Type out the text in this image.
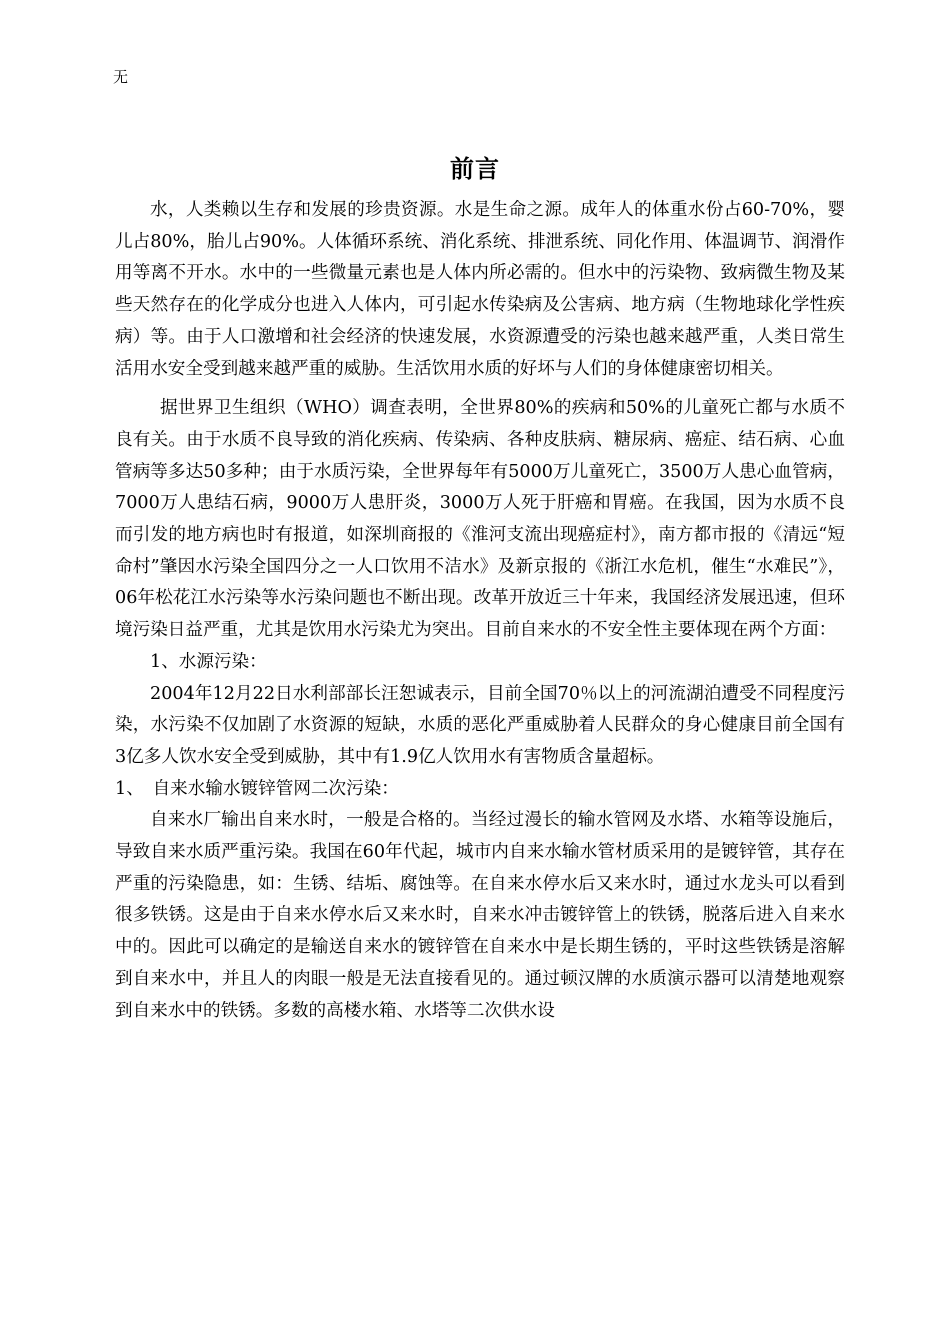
无
前言

水，人类赖以生存和发展的珍贵资源。水是生命之源。成年人的体重水份占60-70%，婴儿占80%，胎儿占90%。人体循环系统、消化系统、排泄系统、同化作用、体温调节、润滑作用等离不开水。水中的一些微量元素也是人体内所必需的。但水中的污染物、致病微生物及某些天然存在的化学成分也进入人体内，可引起水传染病及公害病、地方病（生物地球化学性疾病）等。由于人口激增和社会经济的快速发展，水资源遭受的污染也越来越严重，人类日常生活用水安全受到越来越严重的威胁。生活饮用水质的好坏与人们的身体健康密切相关。

据世界卫生组织（WHO）调查表明，全世界80%的疾病和50%的儿童死亡都与水质不良有关。由于水质不良导致的消化疾病、传染病、各种皮肤病、糖尿病、癌症、结石病、心血管病等多达50多种；由于水质污染，全世界每年有5000万儿童死亡，3500万人患心血管病，7000万人患结石病，9000万人患肝炎，3000万人死于肝癌和胃癌。在我国，因为水质不良而引发的地方病也时有报道，如深圳商报的《淮河支流出现癌症村》，南方都市报的《清远“短命村”肇因水污染全国四分之一人口饮用不洁水》及新京报的《浙江水危机，催生“水难民”》，06年松花江水污染等水污染问题也不断出现。改革开放近三十年来，我国经济发展迅速，但环境污染日益严重，尤其是饮用水污染尤为突出。目前自来水的不安全性主要体现在两个方面：

1、水源污染：

2004年12月22日水利部部长汪恕诚表示，目前全国70％以上的河流湖泊遭受不同程度污染，水污染不仅加剧了水资源的短缺，水质的恶化严重威胁着人民群众的身心健康目前全国有3亿多人饮水安全受到威胁，其中有1.9亿人饮用水有害物质含量超标。

1、　自来水输水镀锌管网二次污染：

自来水厂输出自来水时，一般是合格的。当经过漫长的输水管网及水塔、水箱等设施后，导致自来水质严重污染。我国在60年代起，城市内自来水输水管材质采用的是镀锌管，其存在严重的污染隐患，如：生锈、结垢、腐蚀等。在自来水停水后又来水时，通过水龙头可以看到很多铁锈。这是由于自来水停水后又来水时，自来水冲击镀锌管上的铁锈，脱落后进入自来水中的。因此可以确定的是输送自来水的镀锌管在自来水中是长期生锈的，平时这些铁锈是溶解到自来水中，并且人的肉眼一般是无法直接看见的。通过顿汉牌的水质演示器可以清楚地观察到自来水中的铁锈。多数的高楼水箱、水塔等二次供水设
